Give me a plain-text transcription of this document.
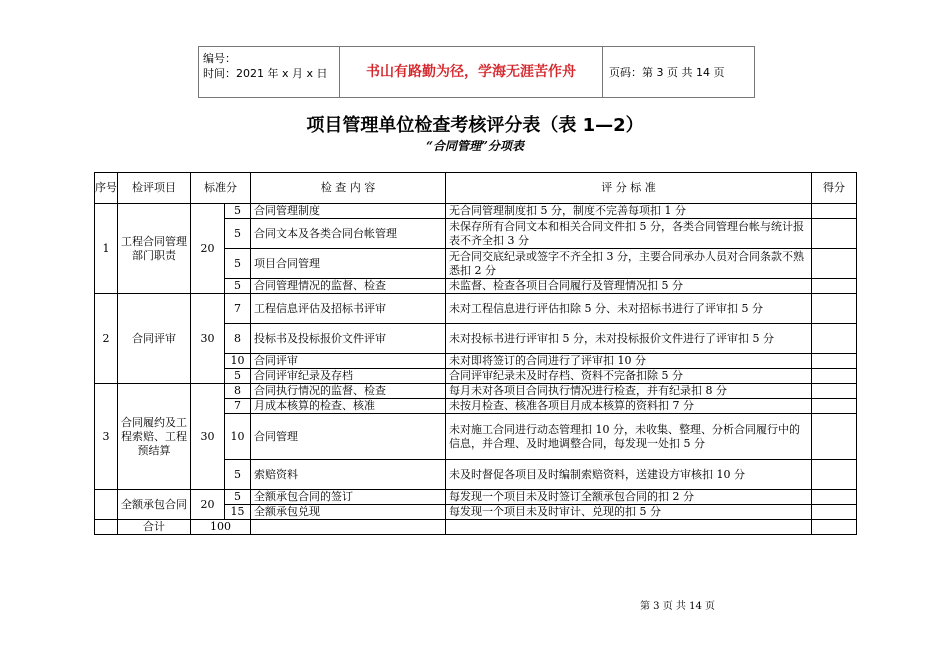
编号：
时间：2021 年 x 月 x 日	书山有路勤为径，学海无涯苦作舟	页码：第 3 页 共 14 页
项目管理单位检查考核评分表（表 1—2）
“合同管理”分项表
序号	检评项目	标准分		检 查 内 容	评 分 标 准	得分
1	工程合同管理部门职责	20	5	合同管理制度	无合同管理制度扣 5 分，制度不完善每项扣 1 分	
			5	合同文本及各类合同台帐管理	未保存所有合同文本和相关合同文件扣 5 分，各类合同管理台帐与统计报表不齐全扣 3 分	
			5	项目合同管理	无合同交底纪录或签字不齐全扣 3 分，主要合同承办人员对合同条款不熟悉扣 2 分	
			5	合同管理情况的监督、检查	未监督、检查各项目合同履行及管理情况扣 5 分	
2	合同评审	30	7	工程信息评估及招标书评审	未对工程信息进行评估扣除 5 分、未对招标书进行了评审扣 5 分	
			8	投标书及投标报价文件评审	未对投标书进行评审扣 5 分，未对投标报价文件进行了评审扣 5 分	
			10	合同评审	未对即将签订的合同进行了评审扣 10 分	
			5	合同评审纪录及存档	合同评审纪录未及时存档、资料不完备扣除 5 分	
3	合同履约及工程索赔、工程预结算	30	8	合同执行情况的监督、检查	每月未对各项目合同执行情况进行检查，并有纪录扣 8 分	
			7	月成本核算的检查、核准	未按月检查、核准各项目月成本核算的资料扣 7 分	
			10	合同管理	未对施工合同进行动态管理扣 10 分，未收集、整理、分析合同履行中的信息，并合理、及时地调整合同，每发现一处扣 5 分	
			5	索赔资料	未及时督促各项目及时编制索赔资料，送建设方审核扣 10 分	
	全额承包合同	20	5	全额承包合同的签订	每发现一个项目未及时签订全额承包合同的扣 2 分	
			15	全额承包兑现	每发现一个项目未及时审计、兑现的扣 5 分	
	合计	100				
第 3 页 共 14 页
